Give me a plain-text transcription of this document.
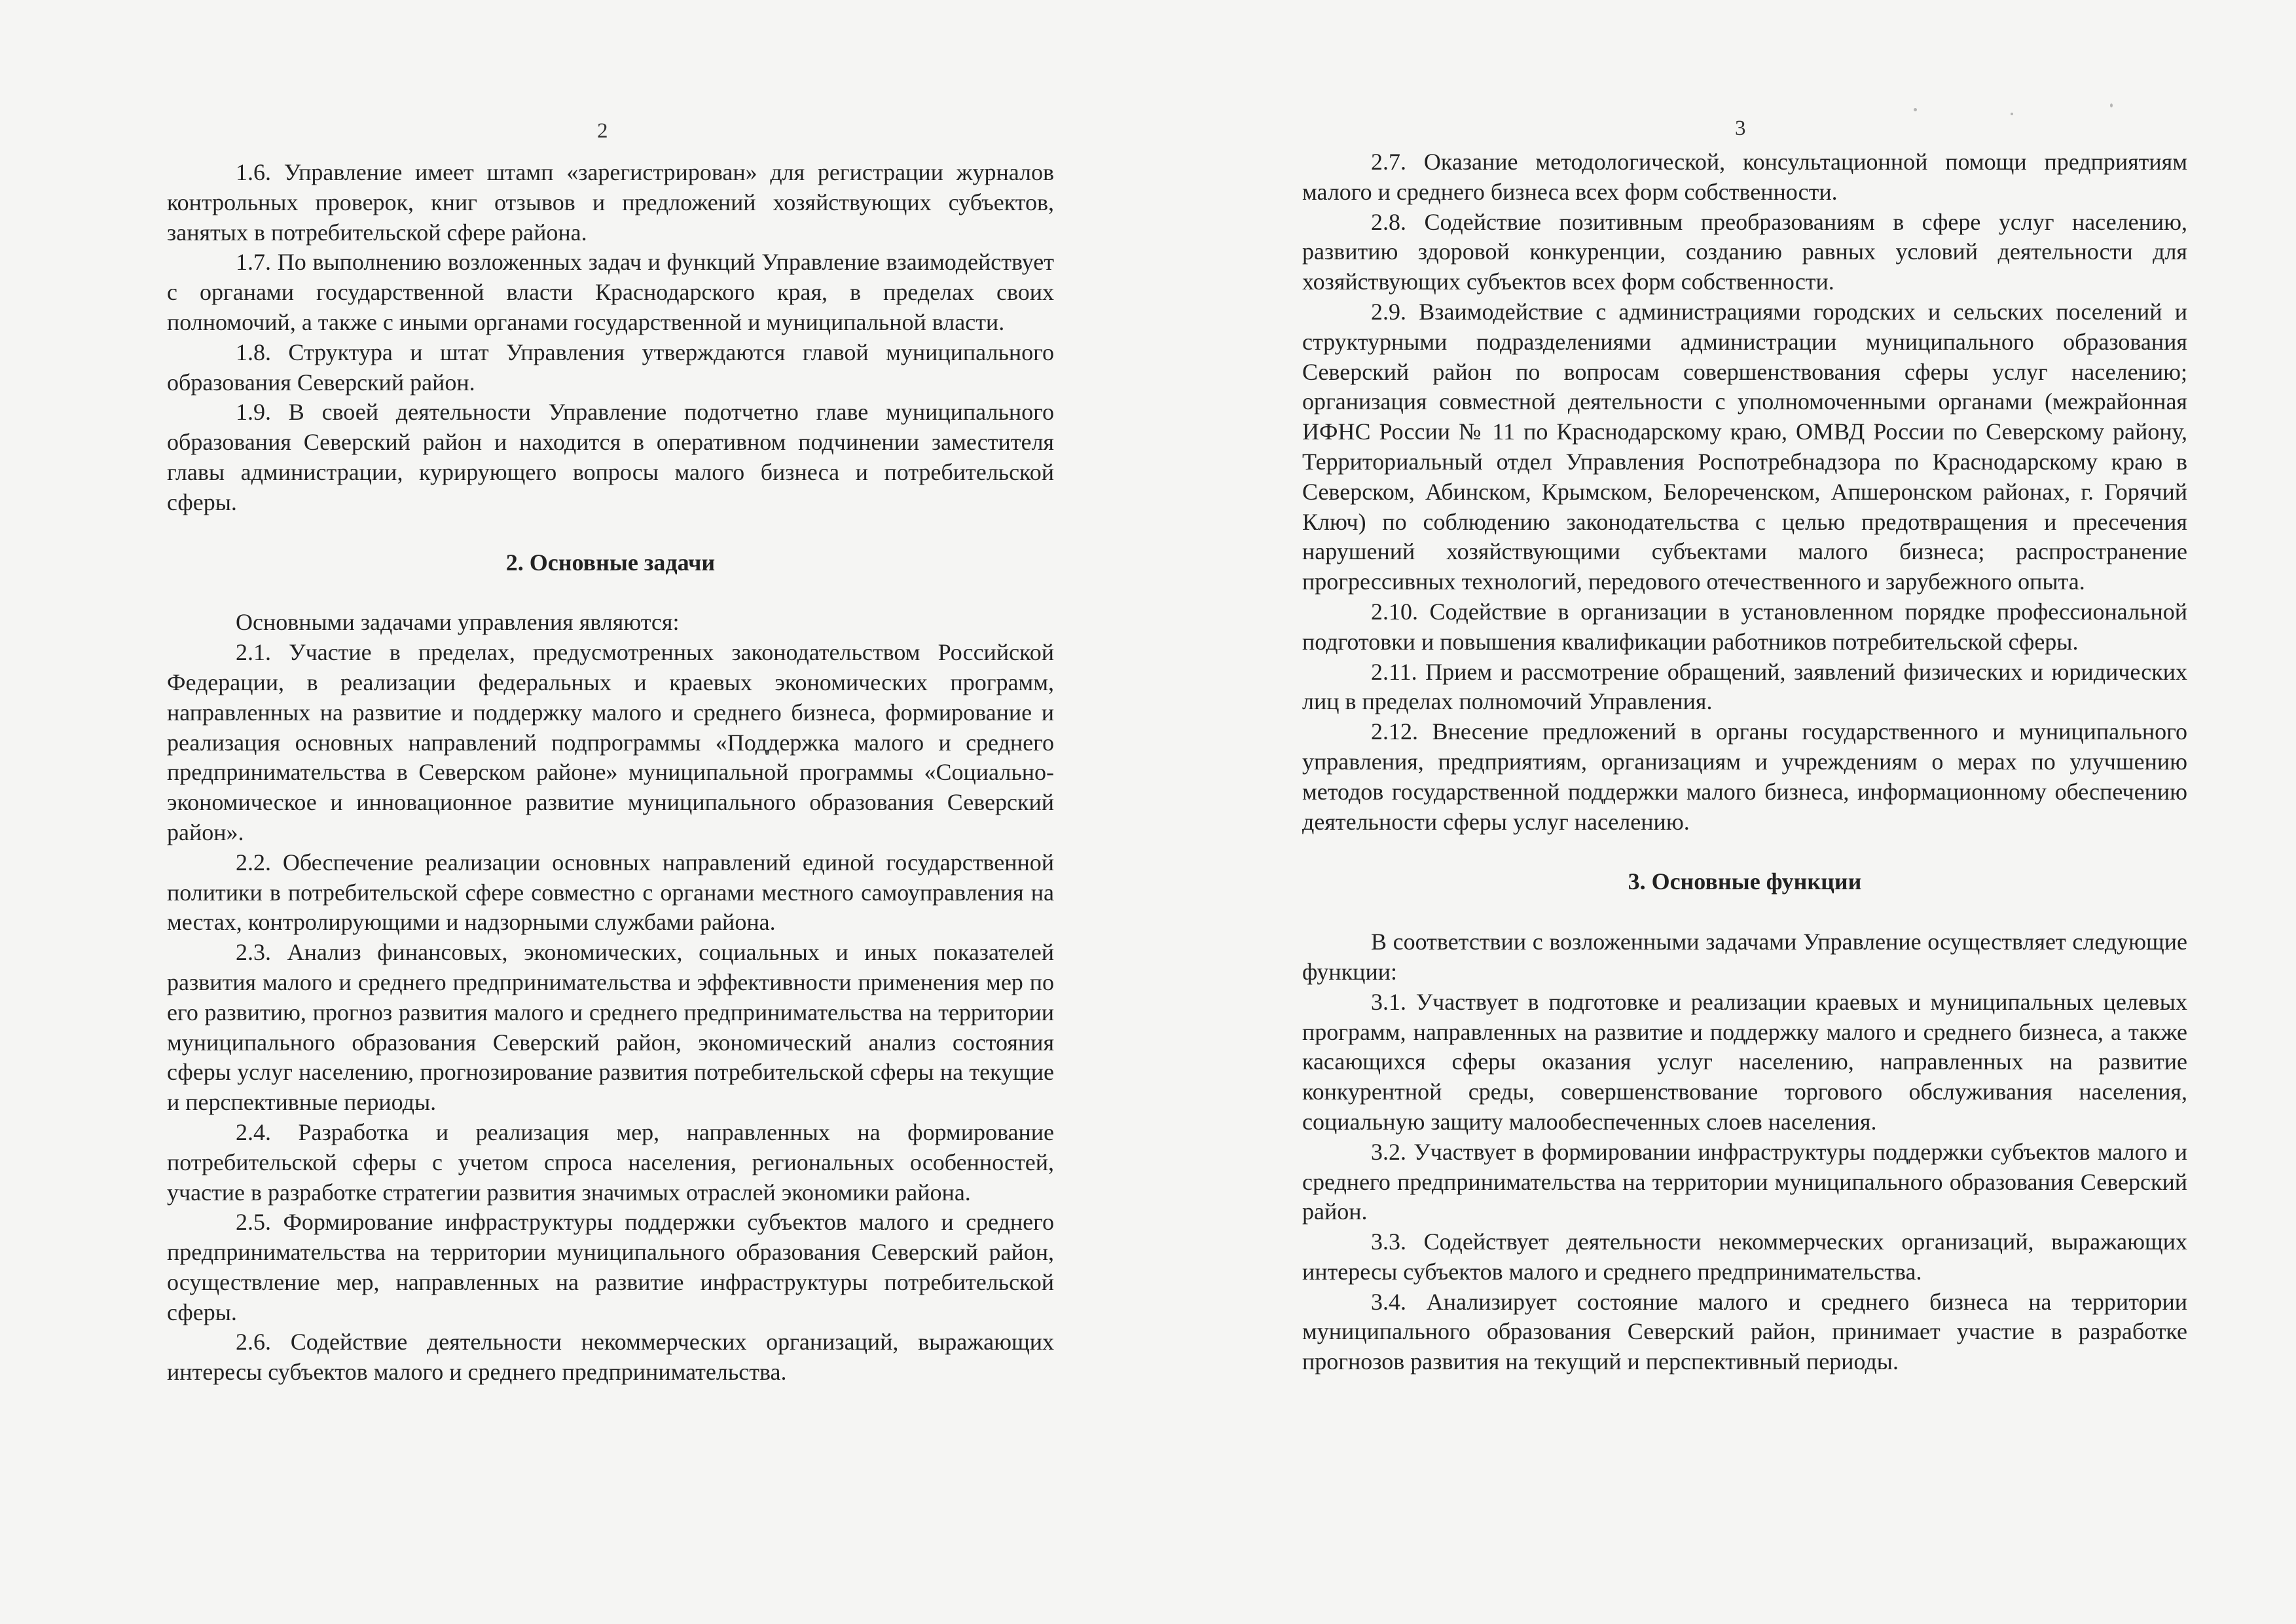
2

1.6. Управление имеет штамп «зарегистрирован» для регистрации журналов контрольных проверок, книг отзывов и предложений хозяйствующих субъектов, занятых в потребительской сфере района.

1.7. По выполнению возложенных задач и функций Управление взаимодействует с органами государственной власти Краснодарского края, в пределах своих полномочий, а также с иными органами государственной и муниципальной власти.

1.8. Структура и штат Управления утверждаются главой муниципального образования Северский район.

1.9. В своей деятельности Управление подотчетно главе муниципального образования Северский район и находится в оперативном подчинении заместителя главы администрации, курирующего вопросы малого бизнеса и потребительской сферы.

2. Основные задачи

Основными задачами управления являются:

2.1. Участие в пределах, предусмотренных законодательством Российской Федерации, в реализации федеральных и краевых экономических программ, направленных на развитие и поддержку малого и среднего бизнеса, формирование и реализация основных направлений подпрограммы «Поддержка малого и среднего предпринимательства в Северском районе» муниципальной программы «Социально-экономическое и инновационное развитие муниципального образования Северский район».

2.2. Обеспечение реализации основных направлений единой государственной политики в потребительской сфере совместно с органами местного самоуправления на местах, контролирующими и надзорными службами района.

2.3. Анализ финансовых, экономических, социальных и иных показателей развития малого и среднего предпринимательства и эффективности применения мер по его развитию, прогноз развития малого и среднего предпринимательства на территории муниципального образования Северский район, экономический анализ состояния сферы услуг населению, прогнозирование развития потребительской сферы на текущие и перспективные периоды.

2.4. Разработка и реализация мер, направленных на формирование потребительской сферы с учетом спроса населения, региональных особенностей, участие в разработке стратегии развития значимых отраслей экономики района.

2.5. Формирование инфраструктуры поддержки субъектов малого и среднего предпринимательства на территории муниципального образования Северский район, осуществление мер, направленных на развитие инфраструктуры потребительской сферы.

2.6. Содействие деятельности некоммерческих организаций, выражающих интересы субъектов малого и среднего предпринимательства.

3

2.7. Оказание методологической, консультационной помощи предприятиям малого и среднего бизнеса всех форм собственности.

2.8. Содействие позитивным преобразованиям в сфере услуг населению, развитию здоровой конкуренции, созданию равных условий деятельности для хозяйствующих субъектов всех форм собственности.

2.9. Взаимодействие с администрациями городских и сельских поселений и структурными подразделениями администрации муниципального образования Северский район по вопросам совершенствования сферы услуг населению; организация совместной деятельности с уполномоченными органами (межрайонная ИФНС России № 11 по Краснодарскому краю, ОМВД России по Северскому району, Территориальный отдел Управления Роспотребнадзора по Краснодарскому краю в Северском, Абинском, Крымском, Белореченском, Апшеронском районах, г. Горячий Ключ) по соблюдению законодательства с целью предотвращения и пресечения нарушений хозяйствующими субъектами малого бизнеса; распространение прогрессивных технологий, передового отечественного и зарубежного опыта.

2.10. Содействие в организации в установленном порядке профессиональной подготовки и повышения квалификации работников потребительской сферы.

2.11. Прием и рассмотрение обращений, заявлений физических и юридических лиц в пределах полномочий Управления.

2.12. Внесение предложений в органы государственного и муниципального управления, предприятиям, организациям и учреждениям о мерах по улучшению методов государственной поддержки малого бизнеса, информационному обеспечению деятельности сферы услуг населению.

3. Основные функции

В соответствии с возложенными задачами Управление осуществляет следующие функции:

3.1. Участвует в подготовке и реализации краевых и муниципальных целевых программ, направленных на развитие и поддержку малого и среднего бизнеса, а также касающихся сферы оказания услуг населению, направленных на развитие конкурентной среды, совершенствование торгового обслуживания населения, социальную защиту малообеспеченных слоев населения.

3.2. Участвует в формировании инфраструктуры поддержки субъектов малого и среднего предпринимательства на территории муниципального образования Северский район.

3.3. Содействует деятельности некоммерческих организаций, выражающих интересы субъектов малого и среднего предпринимательства.

3.4. Анализирует состояние малого и среднего бизнеса на территории муниципального образования Северский район, принимает участие в разработке прогнозов развития на текущий и перспективный периоды.
